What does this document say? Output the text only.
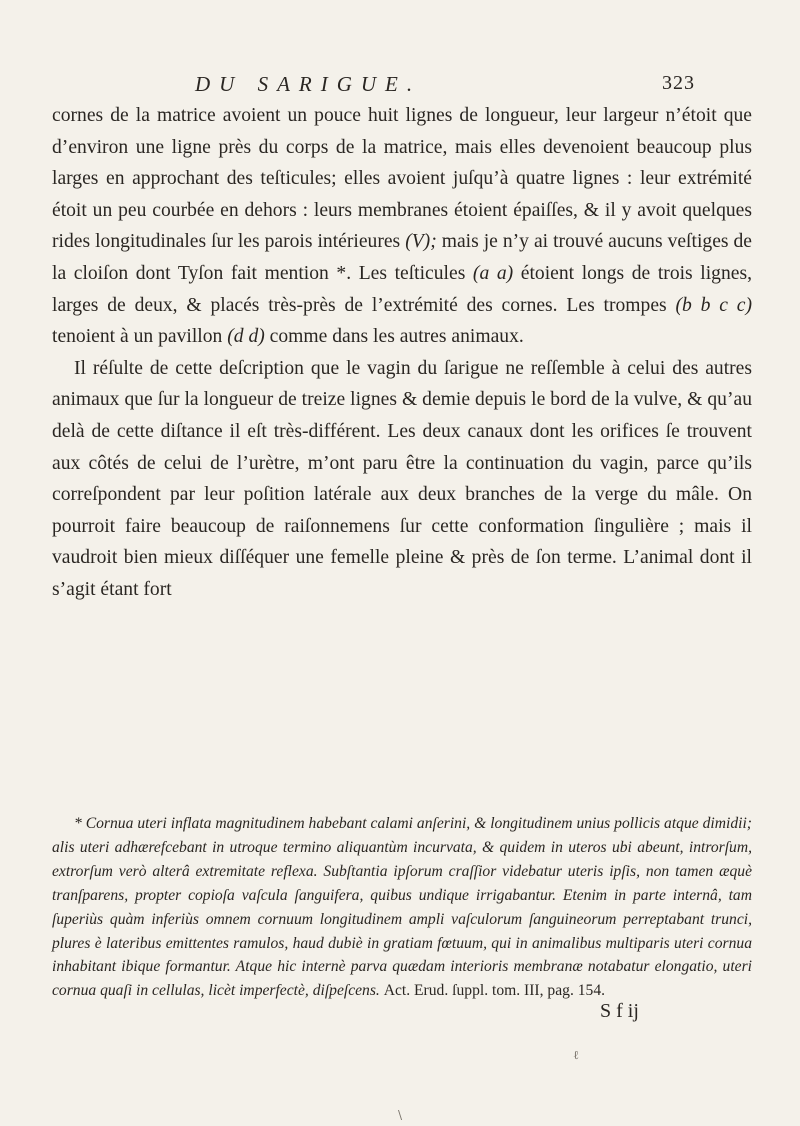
DU SARIGUE.	323

cornes de la matrice avoient un pouce huit lignes de longueur, leur largeur n’étoit que d’environ une ligne près du corps de la matrice, mais elles devenoient beaucoup plus larges en approchant des teſticules; elles avoient juſqu’à quatre lignes : leur extrémité étoit un peu courbée en dehors : leurs membranes étoient épaiſſes, & il y avoit quelques rides longitudinales ſur les parois intérieures (V); mais je n’y ai trouvé aucuns veſtiges de la cloiſon dont Tyſon fait mention *. Les teſticules (a a) étoient longs de trois lignes, larges de deux, & placés très-près de l’extrémité des cornes. Les trompes (b b c c) tenoient à un pavillon (d d) comme dans les autres animaux.

Il réſulte de cette deſcription que le vagin du ſarigue ne reſſemble à celui des autres animaux que ſur la longueur de treize lignes & demie depuis le bord de la vulve, & qu’au delà de cette diſtance il eſt très-différent. Les deux canaux dont les orifices ſe trouvent aux côtés de celui de l’urètre, m’ont paru être la continuation du vagin, parce qu’ils correſpondent par leur poſition latérale aux deux branches de la verge du mâle. On pourroit faire beaucoup de raiſonnemens ſur cette conformation ſingulière ; mais il vaudroit bien mieux diſſéquer une femelle pleine & près de ſon terme. L’animal dont il s’agit étant fort

* Cornua uteri inflata magnitudinem habebant calami anſerini, & longitudinem unius pollicis atque dimidii; alis uteri adhærefcebant in utroque termino aliquantùm incurvata, & quidem in uteros ubi abeunt, introrſum, extrorſum verò alterâ extremitate reflexa. Subſtantia ipſorum craſſior videbatur uteris ipſis, non tamen æquè tranſparens, propter copioſa vaſcula ſanguifera, quibus undique irrigabantur. Etenim in parte internâ, tam ſuperiùs quàm inferiùs omnem cornuum longitudinem ampli vaſculorum ſanguineorum perreptabant trunci, plures è lateribus emittentes ramulos, haud dubiè in gratiam fœtuum, qui in animalibus multiparis uteri cornua inhabitant ibique formantur. Atque hic internè parva quædam interioris membranæ notabatur elongatio, uteri cornua quaſi in cellulas, licèt imperfectè, diſpeſcens. Act. Erud. ſuppl. tom. III, pag. 154.
S f ij
ℓ
\
